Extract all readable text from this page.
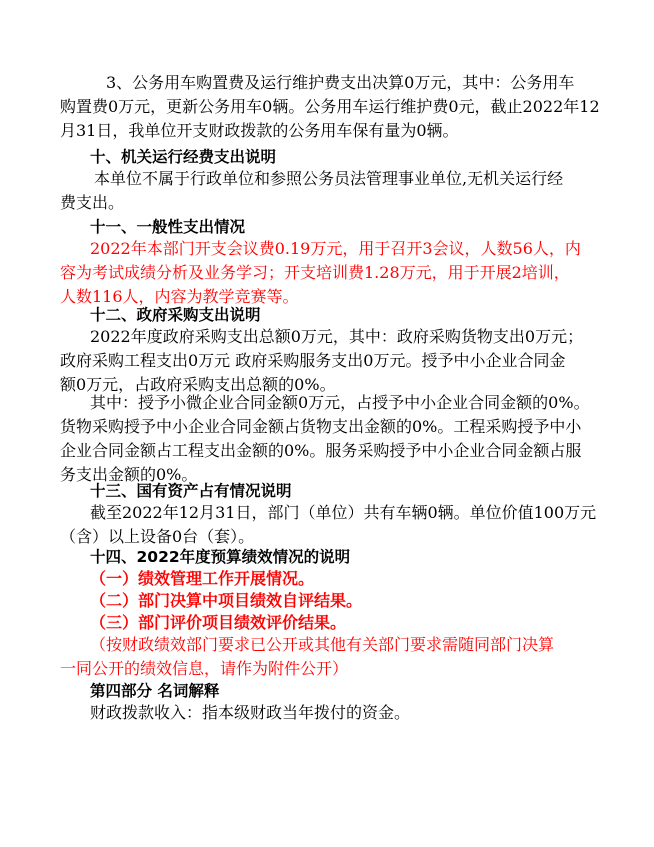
3、公务用车购置费及运行维护费支出决算0万元，其中：公务用车
购置费0万元，更新公务用车0辆。公务用车运行维护费0元，截止2022年12
月31日，我单位开支财政拨款的公务用车保有量为0辆。
十、机关运行经费支出说明
本单位不属于行政单位和参照公务员法管理事业单位,无机关运行经
费支出。
十一、一般性支出情况
2022年本部门开支会议费0.19万元，用于召开3会议，人数56人，内
容为考试成绩分析及业务学习；开支培训费1.28万元，用于开展2培训，
人数116人，内容为教学竞赛等。
十二、政府采购支出说明
2022年度政府采购支出总额0万元，其中：政府采购货物支出0万元；
政府采购工程支出0万元 政府采购服务支出0万元。授予中小企业合同金
额0万元，占政府采购支出总额的0%。
其中：授予小微企业合同金额0万元，占授予中小企业合同金额的0%。
货物采购授予中小企业合同金额占货物支出金额的0%。工程采购授予中小
企业合同金额占工程支出金额的0%。服务采购授予中小企业合同金额占服
务支出金额的0%。
十三、国有资产占有情况说明
截至2022年12月31日，部门（单位）共有车辆0辆。单位价值100万元
（含）以上设备0台（套）。
十四、2022年度预算绩效情况的说明
（一）绩效管理工作开展情况。
（二）部门决算中项目绩效自评结果。
（三）部门评价项目绩效评价结果。
（按财政绩效部门要求已公开或其他有关部门要求需随同部门决算
一同公开的绩效信息，请作为附件公开）
第四部分 名词解释
财政拨款收入：指本级财政当年拨付的资金。
